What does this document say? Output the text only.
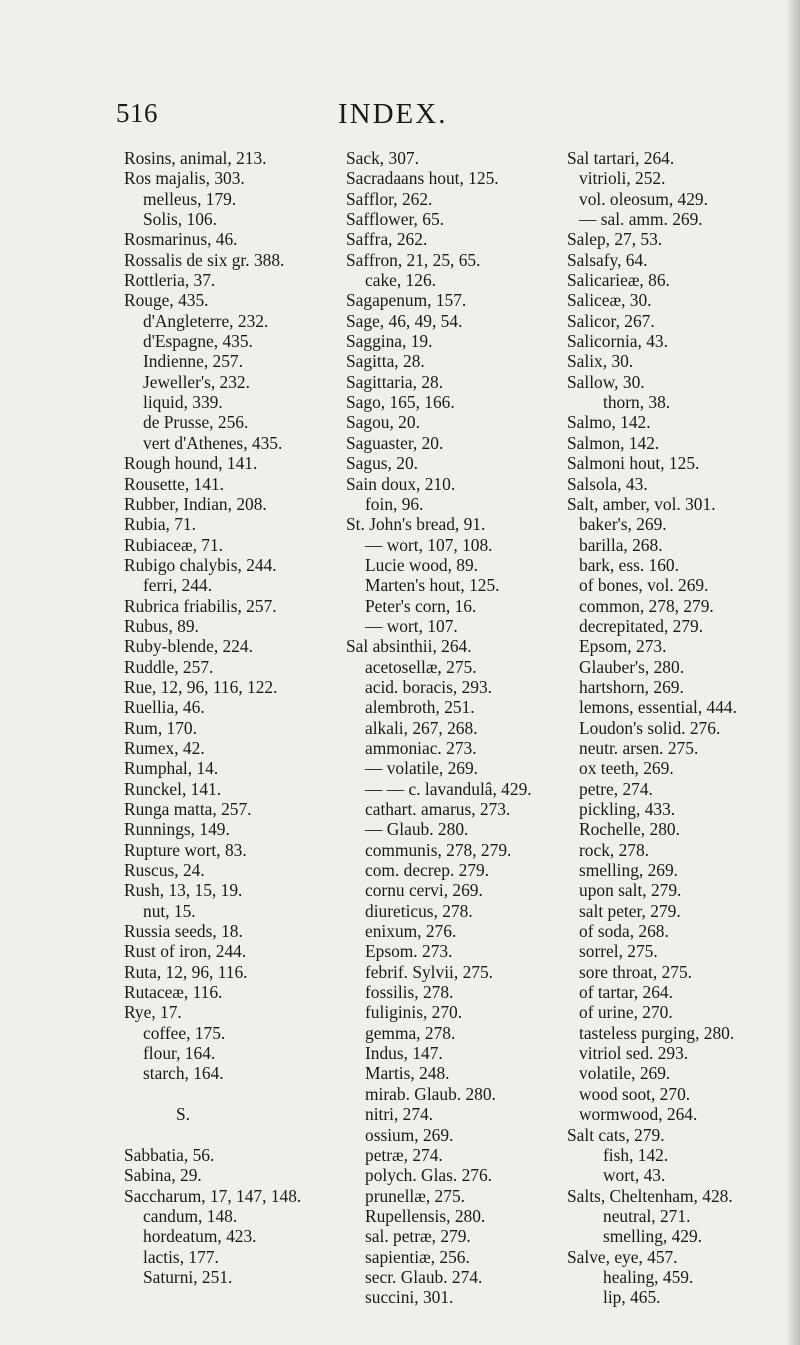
516	INDEX.
Rosins, animal, 213.
Ros majalis, 303.
melleus, 179.
Solis, 106.
Rosmarinus, 46.
Rossalis de six gr. 388.
Rottleria, 37.
Rouge, 435.
d'Angleterre, 232.
d'Espagne, 435.
Indienne, 257.
Jeweller's, 232.
liquid, 339.
de Prusse, 256.
vert d'Athenes, 435.
Rough hound, 141.
Rousette, 141.
Rubber, Indian, 208.
Rubia, 71.
Rubiaceæ, 71.
Rubigo chalybis, 244.
ferri, 244.
Rubrica friabilis, 257.
Rubus, 89.
Ruby-blende, 224.
Ruddle, 257.
Rue, 12, 96, 116, 122.
Ruellia, 46.
Rum, 170.
Rumex, 42.
Rumphal, 14.
Runckel, 141.
Runga matta, 257.
Runnings, 149.
Rupture wort, 83.
Ruscus, 24.
Rush, 13, 15, 19.
nut, 15.
Russia seeds, 18.
Rust of iron, 244.
Ruta, 12, 96, 116.
Rutaceæ, 116.
Rye, 17.
coffee, 175.
flour, 164.
starch, 164.
S.
Sabbatia, 56.
Sabina, 29.
Saccharum, 17, 147, 148.
candum, 148.
hordeatum, 423.
lactis, 177.
Saturni, 251.
Sack, 307.
Sacradaans hout, 125.
Safflor, 262.
Safflower, 65.
Saffra, 262.
Saffron, 21, 25, 65.
cake, 126.
Sagapenum, 157.
Sage, 46, 49, 54.
Saggina, 19.
Sagitta, 28.
Sagittaria, 28.
Sago, 165, 166.
Sagou, 20.
Saguaster, 20.
Sagus, 20.
Sain doux, 210.
foin, 96.
St. John's bread, 91.
— wort, 107, 108.
Lucie wood, 89.
Marten's hout, 125.
Peter's corn, 16.
— wort, 107.
Sal absinthii, 264.
acetosellæ, 275.
acid. boracis, 293.
alembroth, 251.
alkali, 267, 268.
ammoniac. 273.
— volatile, 269.
— — c. lavandulâ, 429.
cathart. amarus, 273.
— Glaub. 280.
communis, 278, 279.
com. decrep. 279.
cornu cervi, 269.
diureticus, 278.
enixum, 276.
Epsom. 273.
febrif. Sylvii, 275.
fossilis, 278.
fuliginis, 270.
gemma, 278.
Indus, 147.
Martis, 248.
mirab. Glaub. 280.
nitri, 274.
ossium, 269.
petræ, 274.
polych. Glas. 276.
prunellæ, 275.
Rupellensis, 280.
sal. petræ, 279.
sapientiæ, 256.
secr. Glaub. 274.
succini, 301.
Sal tartari, 264.
vitrioli, 252.
vol. oleosum, 429.
— sal. amm. 269.
Salep, 27, 53.
Salsafy, 64.
Salicarieæ, 86.
Saliceæ, 30.
Salicor, 267.
Salicornia, 43.
Salix, 30.
Sallow, 30.
thorn, 38.
Salmo, 142.
Salmon, 142.
Salmoni hout, 125.
Salsola, 43.
Salt, amber, vol. 301.
baker's, 269.
barilla, 268.
bark, ess. 160.
of bones, vol. 269.
common, 278, 279.
decrepitated, 279.
Epsom, 273.
Glauber's, 280.
hartshorn, 269.
lemons, essential, 444.
Loudon's solid. 276.
neutr. arsen. 275.
ox teeth, 269.
petre, 274.
pickling, 433.
Rochelle, 280.
rock, 278.
smelling, 269.
upon salt, 279.
salt peter, 279.
of soda, 268.
sorrel, 275.
sore throat, 275.
of tartar, 264.
of urine, 270.
tasteless purging, 280.
vitriol sed. 293.
volatile, 269.
wood soot, 270.
wormwood, 264.
Salt cats, 279.
fish, 142.
wort, 43.
Salts, Cheltenham, 428.
neutral, 271.
smelling, 429.
Salve, eye, 457.
healing, 459.
lip, 465.
